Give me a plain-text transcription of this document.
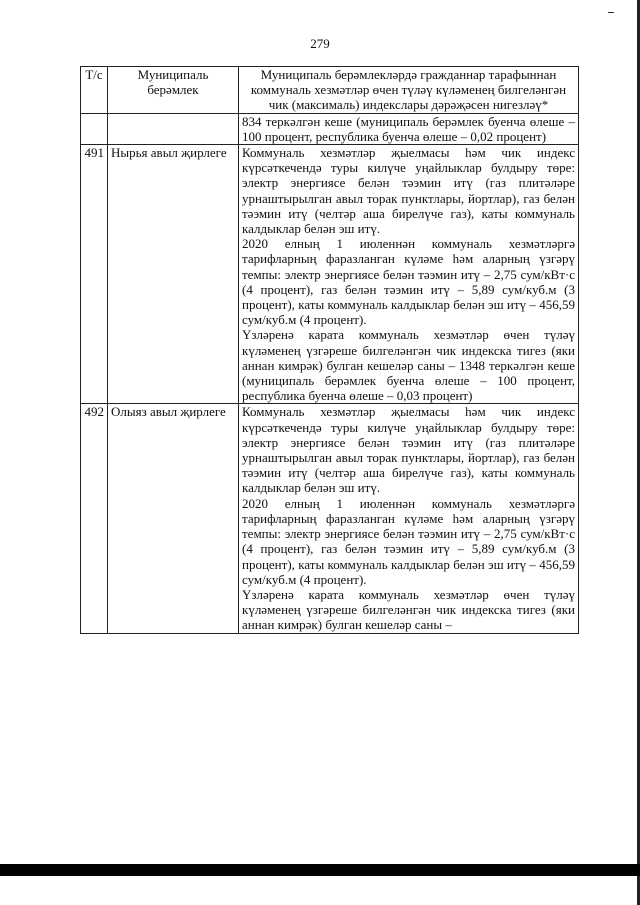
279
Т/с	Муниципаль берәмлек	Муниципаль берәмлекләрдә гражданнар тарафыннан коммуналь хезмәтләр өчен түләү күләменең билгеләнгән чик (максималь) индекслары дәрәҗәсен нигезләү*

		834 теркәлгән кеше (муниципаль берәмлек буенча өлеше – 100 процент, республика буенча өлеше – 0,02 процент)

491	Нырья авыл җирлеге	Коммуналь хезмәтләр җыелмасы һәм чик индекс күрсәткечендә туры килүче уңайлыклар булдыру төре: электр энергиясе белән тәэмин итү (газ плитәләре урнаштырылган авыл торак пунктлары, йортлар), газ белән тәэмин итү (челтәр аша бирелүче газ), каты коммуналь калдыклар белән эш итү.

2020 елның 1 июленнән коммуналь хезмәтләргә тарифларның фаразланган күләме һәм аларның үзгәрү темпы: электр энергиясе белән тәэмин итү – 2,75 сум/кВт·с (4 процент), газ белән тәэмин итү – 5,89 сум/куб.м (3 процент), каты коммуналь калдыклар белән эш итү – 456,59 сум/куб.м (4 процент).

Үзләренә карата коммуналь хезмәтләр өчен түләү күләменең үзгәреше билгеләнгән чик индекска тигез (яки аннан кимрәк) булган кешеләр саны – 1348 теркәлгән кеше (муниципаль берәмлек буенча өлеше – 100 процент, республика буенча өлеше – 0,03 процент)

492	Олыяз авыл җирлеге	Коммуналь хезмәтләр җыелмасы һәм чик индекс күрсәткечендә туры килүче уңайлыклар булдыру төре: электр энергиясе белән тәэмин итү (газ плитәләре урнаштырылган авыл торак пунктлары, йортлар), газ белән тәэмин итү (челтәр аша бирелүче газ), каты коммуналь калдыклар белән эш итү.

2020 елның 1 июленнән коммуналь хезмәтләргә тарифларның фаразланган күләме һәм аларның үзгәрү темпы: электр энергиясе белән тәэмин итү – 2,75 сум/кВт·с (4 процент), газ белән тәэмин итү – 5,89 сум/куб.м (3 процент), каты коммуналь калдыклар белән эш итү – 456,59 сум/куб.м (4 процент).

Үзләренә карата коммуналь хезмәтләр өчен түләү күләменең үзгәреше билгеләнгән чик индекска тигез (яки аннан кимрәк) булган кешеләр саны –
